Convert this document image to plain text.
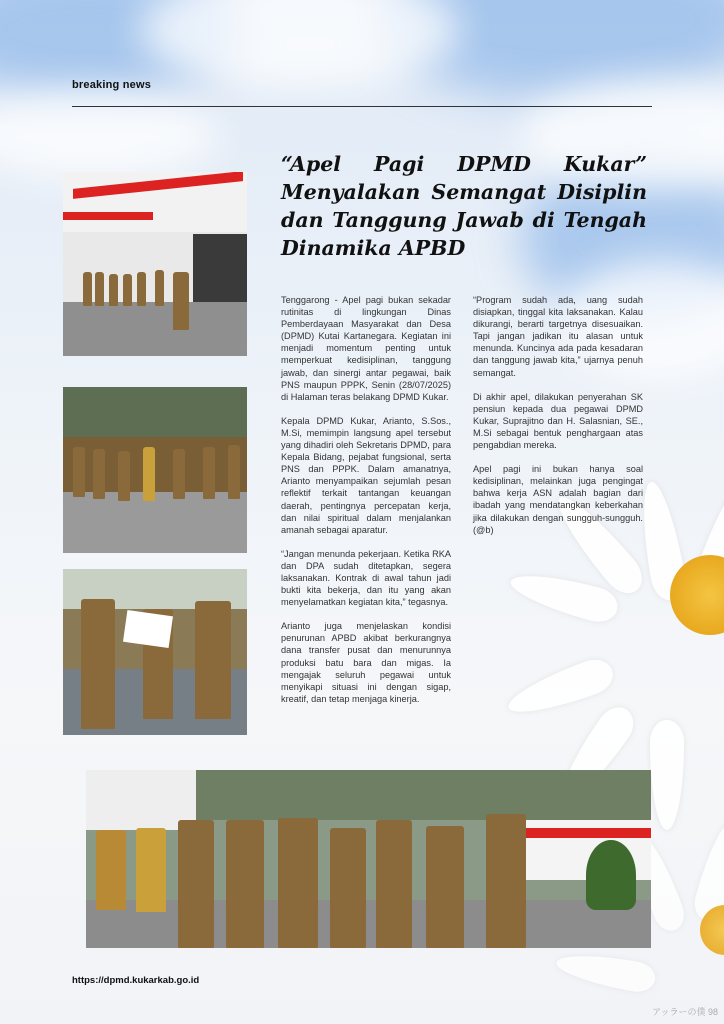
breaking news
“Apel Pagi DPMD Kukar” Menyalakan Semangat Disiplin dan Tanggung Jawab di Tengah Dinamika APBD

Tenggarong - Apel pagi bukan sekadar rutinitas di lingkungan Dinas Pemberdayaan Masyarakat dan Desa (DPMD) Kutai Kartanegara. Kegiatan ini menjadi momentum penting untuk memperkuat kedisiplinan, tanggung jawab, dan sinergi antar pegawai, baik PNS maupun PPPK, Senin (28/07/2025) di Halaman teras belakang DPMD Kukar.

Kepala DPMD Kukar, Arianto, S.Sos., M.Si, memimpin langsung apel tersebut yang dihadiri oleh Sekretaris DPMD, para Kepala Bidang, pejabat fungsional, serta PNS dan PPPK. Dalam amanatnya, Arianto menyampaikan sejumlah pesan reflektif terkait tantangan keuangan daerah, pentingnya percepatan kerja, dan nilai spiritual dalam menjalankan amanah sebagai aparatur.

“Jangan menunda pekerjaan. Ketika RKA dan DPA sudah ditetapkan, segera laksanakan. Kontrak di awal tahun jadi bukti kita bekerja, dan itu yang akan menyelamatkan kegiatan kita,” tegasnya.

Arianto juga menjelaskan kondisi penurunan APBD akibat berkurangnya dana transfer pusat dan menurunnya produksi batu bara dan migas. Ia mengajak seluruh pegawai untuk menyikapi situasi ini dengan sigap, kreatif, dan tetap menjaga kinerja.

“Program sudah ada, uang sudah disiapkan, tinggal kita laksanakan. Kalau dikurangi, berarti targetnya disesuaikan. Tapi jangan jadikan itu alasan untuk menunda. Kuncinya ada pada kesadaran dan tanggung jawab kita,” ujarnya penuh semangat.

Di akhir apel, dilakukan penyerahan SK pensiun kepada dua pegawai DPMD Kukar, Suprajitno dan H. Salasnian, SE., M.Si sebagai bentuk penghargaan atas pengabdian mereka.

Apel pagi ini bukan hanya soal kedisiplinan, melainkan juga pengingat bahwa kerja ASN adalah bagian dari ibadah yang mendatangkan keberkahan jika dilakukan dengan sungguh-sungguh. (@b)

https://dpmd.kukarkab.go.id
アッラーの僕 98
